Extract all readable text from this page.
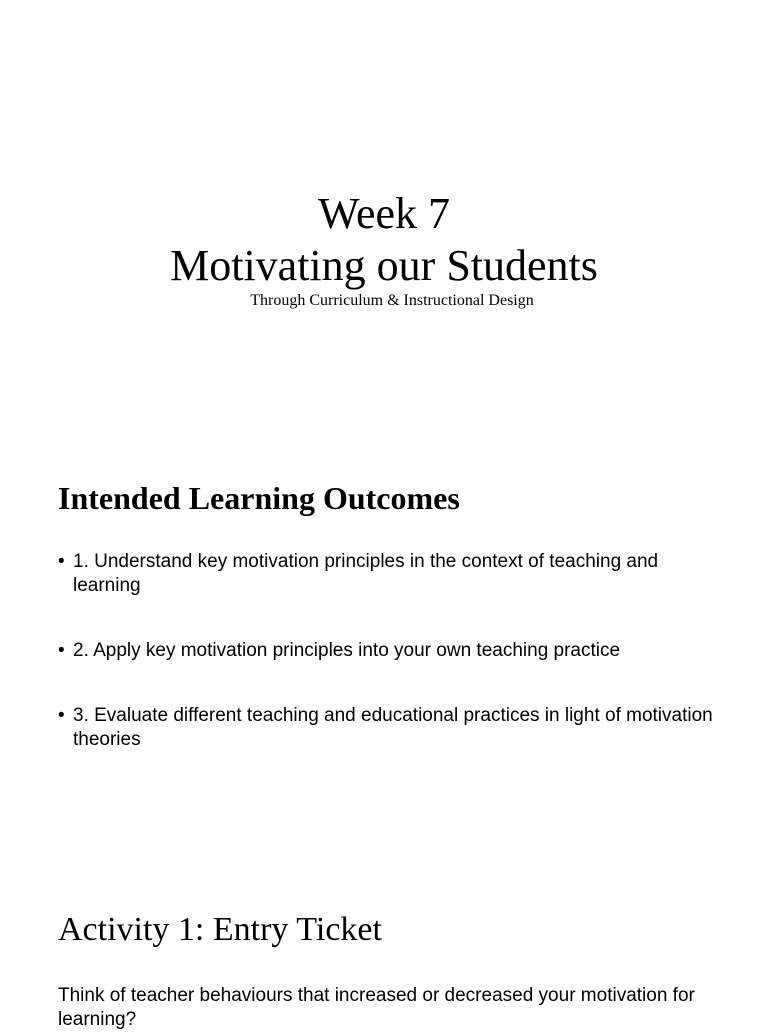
Week 7
Motivating our Students
Through Curriculum & Instructional Design
Intended Learning Outcomes
• 1. Understand key motivation principles in the context of teaching and learning
• 2. Apply key motivation principles into your own teaching practice
• 3. Evaluate different teaching and educational practices in light of motivation theories
Activity 1: Entry Ticket

Think of teacher behaviours that increased or decreased your motivation for learning?
